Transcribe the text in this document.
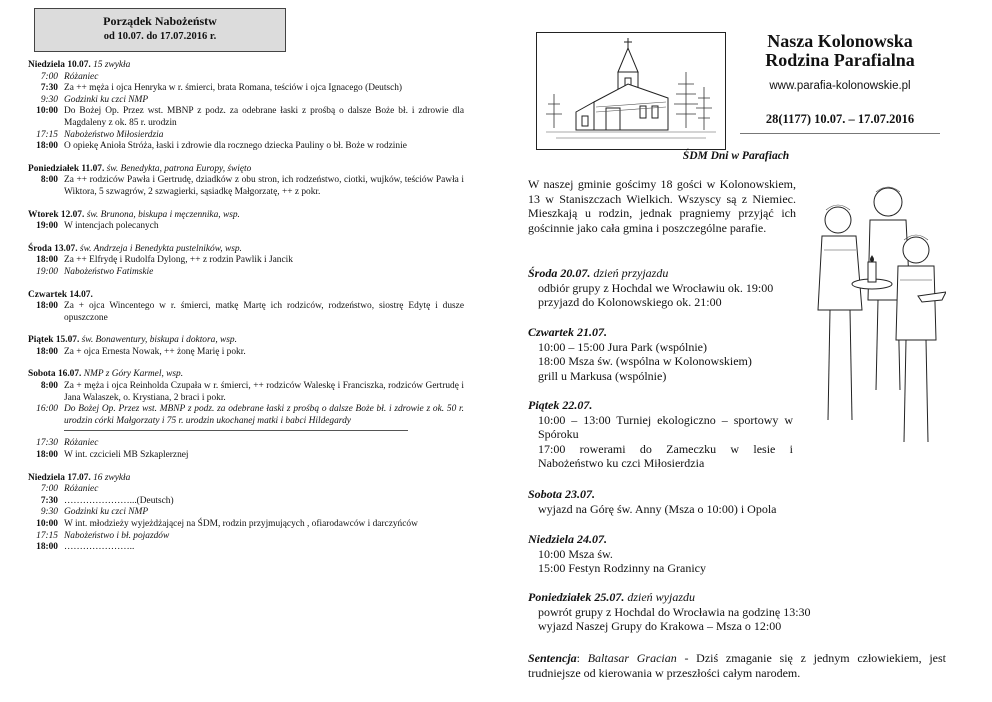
Porządek Nabożeństw
od 10.07. do 17.07.2016 r.
Niedziela 10.07. 15 zwykła
7:00 Różaniec
7:30 Za ++ męża i ojca Henryka w r. śmierci, brata Romana, teściów i ojca Ignacego (Deutsch)
9:30 Godzinki ku czci NMP
10:00 Do Bożej Op. Przez wst. MBNP z podz. za odebrane łaski z prośbą o dalsze Boże bł. i zdrowie dla Magdaleny z ok. 85 r. urodzin
17:15 Nabożeństwo Miłosierdzia
18:00 O opiekę Anioła Stróża, łaski i zdrowie dla rocznego dziecka Pauliny o bł. Boże w rodzinie
Poniedziałek 11.07. św. Benedykta, patrona Europy, święto
8:00 Za ++ rodziców Pawła i Gertrudę, dziadków z obu stron, ich rodzeństwo, ciotki, wujków, teściów Pawła i Wiktora, 5 szwagrów, 2 szwagierki, sąsiadkę Małgorzatę, ++ z pokr.
Wtorek 12.07. św. Brunona, biskupa i męczennika, wsp.
19:00 W intencjach polecanych
Środa 13.07. św. Andrzeja i Benedykta pustelników, wsp.
18:00 Za ++ Elfrydę i Rudolfa Dylong, ++ z rodzin Pawlik i Jancik
19:00 Nabożeństwo Fatimskie
Czwartek 14.07.
18:00 Za + ojca Wincentego w r. śmierci, matkę Martę ich rodziców, rodzeństwo, siostrę Edytę i dusze opuszczone
Piątek 15.07. św. Bonawentury, biskupa i doktora, wsp.
18:00 Za + ojca Ernesta Nowak, ++ żonę Marię i pokr.
Sobota 16.07. NMP z Góry Karmel, wsp.
8:00 Za + męża i ojca Reinholda Czupała w r. śmierci, ++ rodziców Waleskę i Franciszka, rodziców Gertrudę i Jana Walaszek, o. Krystiana, 2 braci i pokr.
16:00 Do Bożej Op. Przez wst. MBNP z podz. za odebrane łaski z prośbą o dalsze Boże bł. i zdrowie z ok. 50 r. urodzin córki Małgorzaty i 75 r. urodzin ukochanej matki i babci Hildegardy
17:30 Różaniec
18:00 W int. czcicieli MB Szkaplerznej
Niedziela 17.07. 16 zwykła
7:00 Różaniec
7:30 …………………...(Deutsch)
9:30 Godzinki ku czci NMP
10:00 W int. młodzieży wyjeżdżającej na ŚDM, rodzin przyjmujących , ofiarodawców i darczyńców
17:15 Nabożeństwo i bł. pojazdów
18:00 …………………..
Nasza Kolonowska
Rodzina Parafialna
www.parafia-kolonowskie.pl
28(1177) 10.07. – 17.07.2016
ŚDM Dni w Parafiach
W naszej gminie gościmy 18 gości w Kolonowskiem, 13 w Staniszczach Wielkich. Wszyscy są z Niemiec. Mieszkają u rodzin, jednak pragniemy przyjąć ich gościnnie jako cała gmina i poszczególne parafie.
Środa 20.07. dzień przyjazdu
odbiór grupy z Hochdal we Wrocławiu ok. 19:00
przyjazd do Kolonowskiego ok. 21:00
Czwartek 21.07.
10:00 – 15:00 Jura Park (wspólnie)
18:00 Msza św. (wspólna w Kolonowskiem)
grill u Markusa (wspólnie)
Piątek 22.07.
10:00 – 13:00 Turniej ekologiczno – sportowy w Spóroku
17:00 rowerami do Zameczku w lesie i Nabożeństwo ku czci Miłosierdzia
Sobota 23.07.
wyjazd na Górę św. Anny (Msza o 10:00) i Opola
Niedziela 24.07.
10:00 Msza św.
15:00 Festyn Rodzinny na Granicy
Poniedziałek 25.07. dzień wyjazdu
powrót grupy z Hochdal do Wrocławia na godzinę 13:30
wyjazd Naszej Grupy do Krakowa – Msza o 12:00
Sentencja: Baltasar Gracian - Dziś zmaganie się z jednym człowiekiem, jest trudniejsze od kierowania w przeszłości całym narodem.
